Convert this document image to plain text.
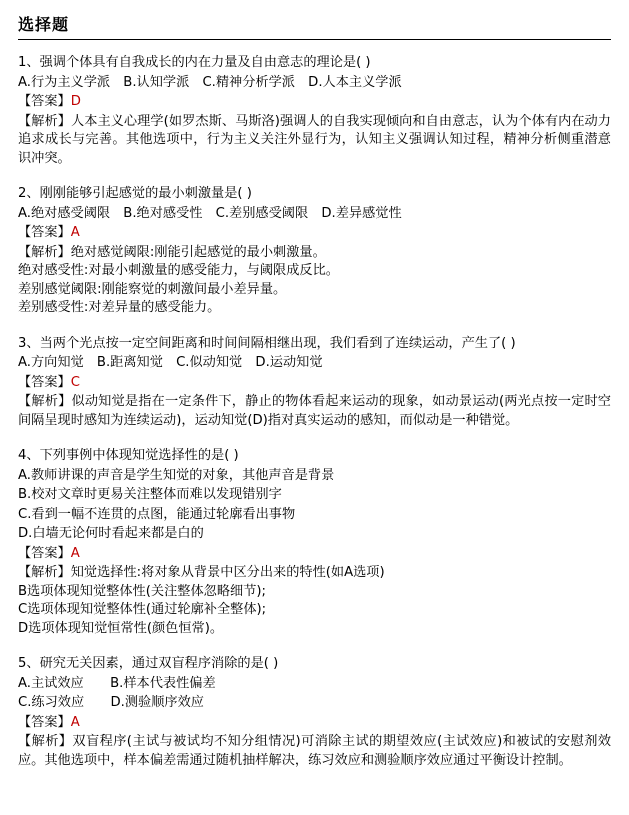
选择题

1、强调个体具有自我成长的内在力量及自由意志的理论是( )

A.行为主义学派　B.认知学派　C.精神分析学派　D.人本主义学派

【答案】D

【解析】人本主义心理学(如罗杰斯、马斯洛)强调人的自我实现倾向和自由意志，认为个体有内在动力追求成长与完善。其他选项中，行为主义关注外显行为，认知主义强调认知过程，精神分析侧重潜意识冲突。

2、刚刚能够引起感觉的最小刺激量是( )

A.绝对感受阈限　B.绝对感受性　C.差别感受阈限　D.差异感觉性

【答案】A

【解析】绝对感觉阈限:刚能引起感觉的最小刺激量。

绝对感受性:对最小刺激量的感受能力，与阈限成反比。

差别感觉阈限:刚能察觉的刺激间最小差异量。

差别感受性:对差异量的感受能力。

3、当两个光点按一定空间距离和时间间隔相继出现，我们看到了连续运动，产生了( )

A.方向知觉　B.距离知觉　C.似动知觉　D.运动知觉

【答案】C

【解析】似动知觉是指在一定条件下，静止的物体看起来运动的现象，如动景运动(两光点按一定时空间隔呈现时感知为连续运动)，运动知觉(D)指对真实运动的感知，而似动是一种错觉。

4、下列事例中体现知觉选择性的是( )

A.教师讲课的声音是学生知觉的对象，其他声音是背景

B.校对文章时更易关注整体而难以发现错别字

C.看到一幅不连贯的点图，能通过轮廓看出事物

D.白墙无论何时看起来都是白的

【答案】A

【解析】知觉选择性:将对象从背景中区分出来的特性(如A选项)

B选项体现知觉整体性(关注整体忽略细节);

C选项体现知觉整体性(通过轮廓补全整体);

D选项体现知觉恒常性(颜色恒常)。

5、研究无关因素，通过双盲程序消除的是( )

A.主试效应　　B.样本代表性偏差

C.练习效应　　D.测验顺序效应

【答案】A

【解析】双盲程序(主试与被试均不知分组情况)可消除主试的期望效应(主试效应)和被试的安慰剂效应。其他选项中，样本偏差需通过随机抽样解决，练习效应和测验顺序效应通过平衡设计控制。
